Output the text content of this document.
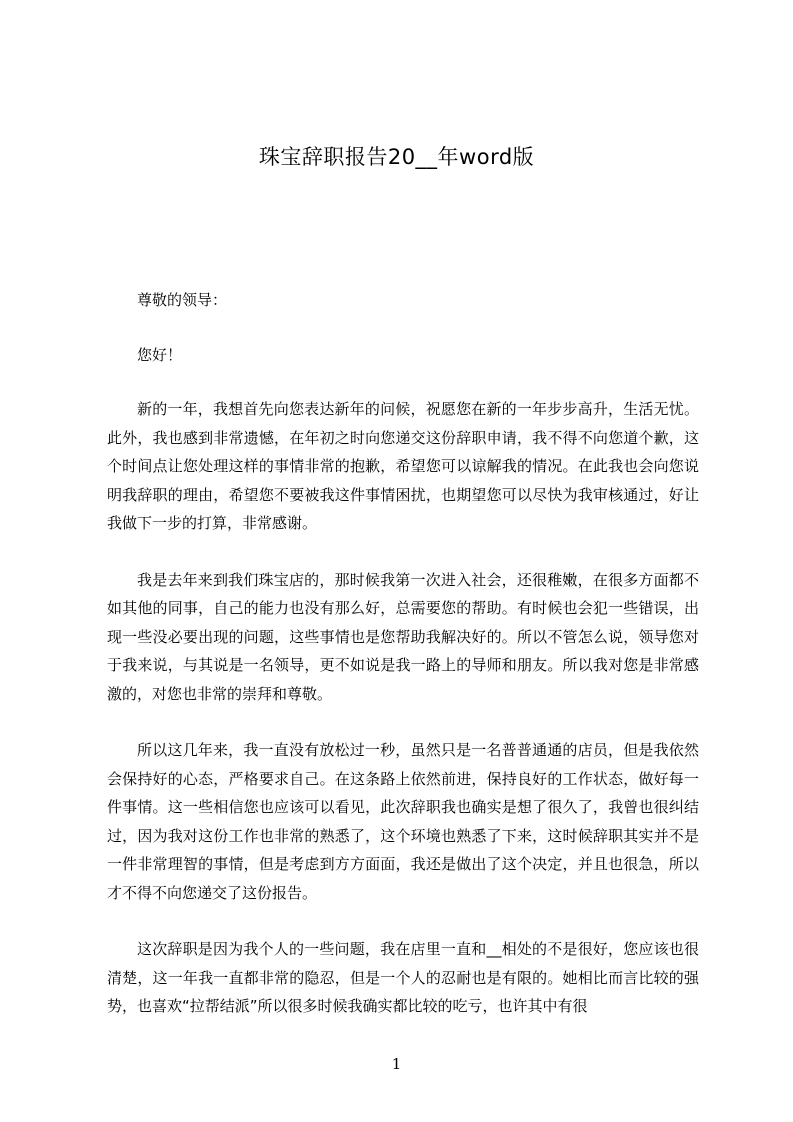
珠宝辞职报告20__年word版

尊敬的领导：

您好！

新的一年，我想首先向您表达新年的问候，祝愿您在新的一年步步高升，生活无忧。此外，我也感到非常遗憾，在年初之时向您递交这份辞职申请，我不得不向您道个歉，这个时间点让您处理这样的事情非常的抱歉，希望您可以谅解我的情况。在此我也会向您说明我辞职的理由，希望您不要被我这件事情困扰，也期望您可以尽快为我审核通过，好让我做下一步的打算，非常感谢。

我是去年来到我们珠宝店的，那时候我第一次进入社会，还很稚嫩，在很多方面都不如其他的同事，自己的能力也没有那么好，总需要您的帮助。有时候也会犯一些错误，出现一些没必要出现的问题，这些事情也是您帮助我解决好的。所以不管怎么说，领导您对于我来说，与其说是一名领导，更不如说是我一路上的导师和朋友。所以我对您是非常感激的，对您也非常的崇拜和尊敬。

所以这几年来，我一直没有放松过一秒，虽然只是一名普普通通的店员，但是我依然会保持好的心态，严格要求自己。在这条路上依然前进，保持良好的工作状态，做好每一件事情。这一些相信您也应该可以看见，此次辞职我也确实是想了很久了，我曾也很纠结过，因为我对这份工作也非常的熟悉了，这个环境也熟悉了下来，这时候辞职其实并不是一件非常理智的事情，但是考虑到方方面面，我还是做出了这个决定，并且也很急，所以才不得不向您递交了这份报告。

这次辞职是因为我个人的一些问题，我在店里一直和__相处的不是很好，您应该也很清楚，这一年我一直都非常的隐忍，但是一个人的忍耐也是有限的。她相比而言比较的强势，也喜欢“拉帮结派”所以很多时候我确实都比较的吃亏，也许其中有很

1
